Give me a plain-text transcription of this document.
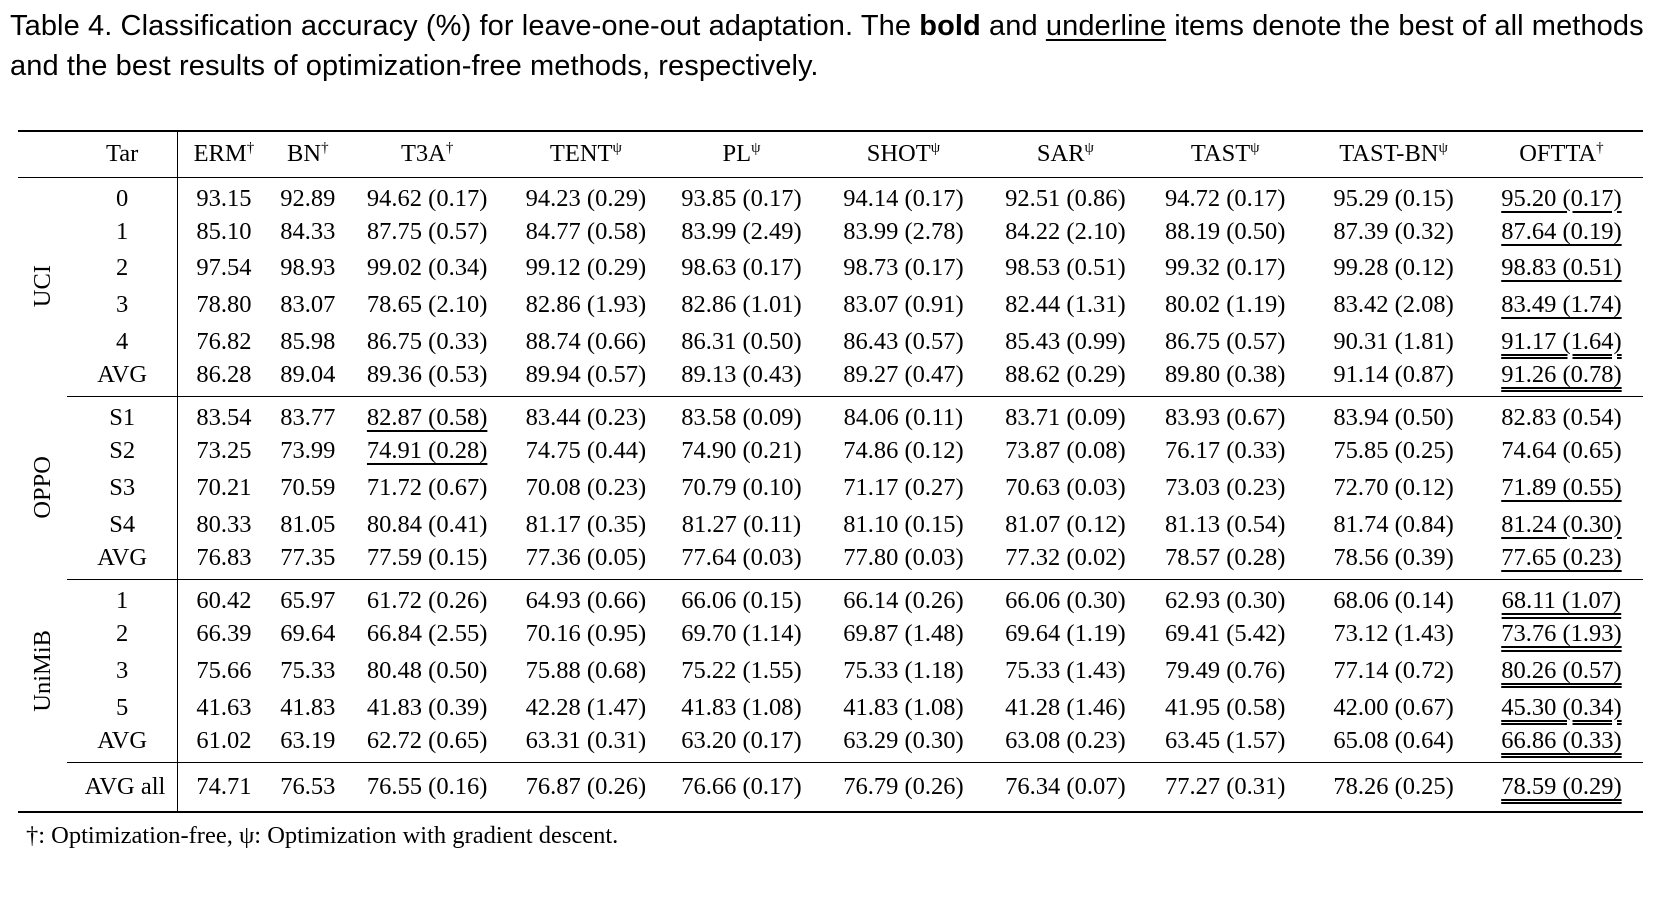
Table 4. Classification accuracy (%) for leave-one-out adaptation. The bold and underline items denote the best of all methods and the best results of optimization-free methods, respectively.
	Tar	ERM†	BN†	T3A†	$TENT^\psi$	$PL^\psi$	$SHOT^\psi$	$SAR^\psi$	$TAST^\psi$	TAST-$BN^\psi$	OFTTA†
UCI	0	93.15	92.89	94.62 (0.17)	94.23 (0.29)	93.85 (0.17)	94.14 (0.17)	92.51 (0.86)	94.72 (0.17)	95.29 (0.15)	95.20 (0.17)
	1	85.10	84.33	87.75 (0.57)	84.77 (0.58)	83.99 (2.49)	83.99 (2.78)	84.22 (2.10)	88.19 (0.50)	87.39 (0.32)	87.64 (0.19)
	2	97.54	98.93	99.02 (0.34)	99.12 (0.29)	98.63 (0.17)	98.73 (0.17)	98.53 (0.51)	99.32 (0.17)	99.28 (0.12)	98.83 (0.51)
	3	78.80	83.07	78.65 (2.10)	82.86 (1.93)	82.86 (1.01)	83.07 (0.91)	82.44 (1.31)	80.02 (1.19)	83.42 (2.08)	83.49 (1.74)
	4	76.82	85.98	86.75 (0.33)	88.74 (0.66)	86.31 (0.50)	86.43 (0.57)	85.43 (0.99)	86.75 (0.57)	90.31 (1.81)	91.17 (1.64)
	AVG	86.28	89.04	89.36 (0.53)	89.94 (0.57)	89.13 (0.43)	89.27 (0.47)	88.62 (0.29)	89.80 (0.38)	91.14 (0.87)	91.26 (0.78)
OPPO	S1	83.54	83.77	82.87 (0.58)	83.44 (0.23)	83.58 (0.09)	84.06 (0.11)	83.71 (0.09)	83.93 (0.67)	83.94 (0.50)	82.83 (0.54)
	S2	73.25	73.99	74.91 (0.28)	74.75 (0.44)	74.90 (0.21)	74.86 (0.12)	73.87 (0.08)	76.17 (0.33)	75.85 (0.25)	74.64 (0.65)
	S3	70.21	70.59	71.72 (0.67)	70.08 (0.23)	70.79 (0.10)	71.17 (0.27)	70.63 (0.03)	73.03 (0.23)	72.70 (0.12)	71.89 (0.55)
	S4	80.33	81.05	80.84 (0.41)	81.17 (0.35)	81.27 (0.11)	81.10 (0.15)	81.07 (0.12)	81.13 (0.54)	81.74 (0.84)	81.24 (0.30)
	AVG	76.83	77.35	77.59 (0.15)	77.36 (0.05)	77.64 (0.03)	77.80 (0.03)	77.32 (0.02)	78.57 (0.28)	78.56 (0.39)	77.65 (0.23)
UniMiB	1	60.42	65.97	61.72 (0.26)	64.93 (0.66)	66.06 (0.15)	66.14 (0.26)	66.06 (0.30)	62.93 (0.30)	68.06 (0.14)	68.11 (1.07)
	2	66.39	69.64	66.84 (2.55)	70.16 (0.95)	69.70 (1.14)	69.87 (1.48)	69.64 (1.19)	69.41 (5.42)	73.12 (1.43)	73.76 (1.93)
	3	75.66	75.33	80.48 (0.50)	75.88 (0.68)	75.22 (1.55)	75.33 (1.18)	75.33 (1.43)	79.49 (0.76)	77.14 (0.72)	80.26 (0.57)
	5	41.63	41.83	41.83 (0.39)	42.28 (1.47)	41.83 (1.08)	41.83 (1.08)	41.28 (1.46)	41.95 (0.58)	42.00 (0.67)	45.30 (0.34)
	AVG	61.02	63.19	62.72 (0.65)	63.31 (0.31)	63.20 (0.17)	63.29 (0.30)	63.08 (0.23)	63.45 (1.57)	65.08 (0.64)	66.86 (0.33)
AVG all		74.71	76.53	76.55 (0.16)	76.87 (0.26)	76.66 (0.17)	76.79 (0.26)	76.34 (0.07)	77.27 (0.31)	78.26 (0.25)	78.59 (0.29)
†: Optimization-free, ψ: Optimization with gradient descent.
